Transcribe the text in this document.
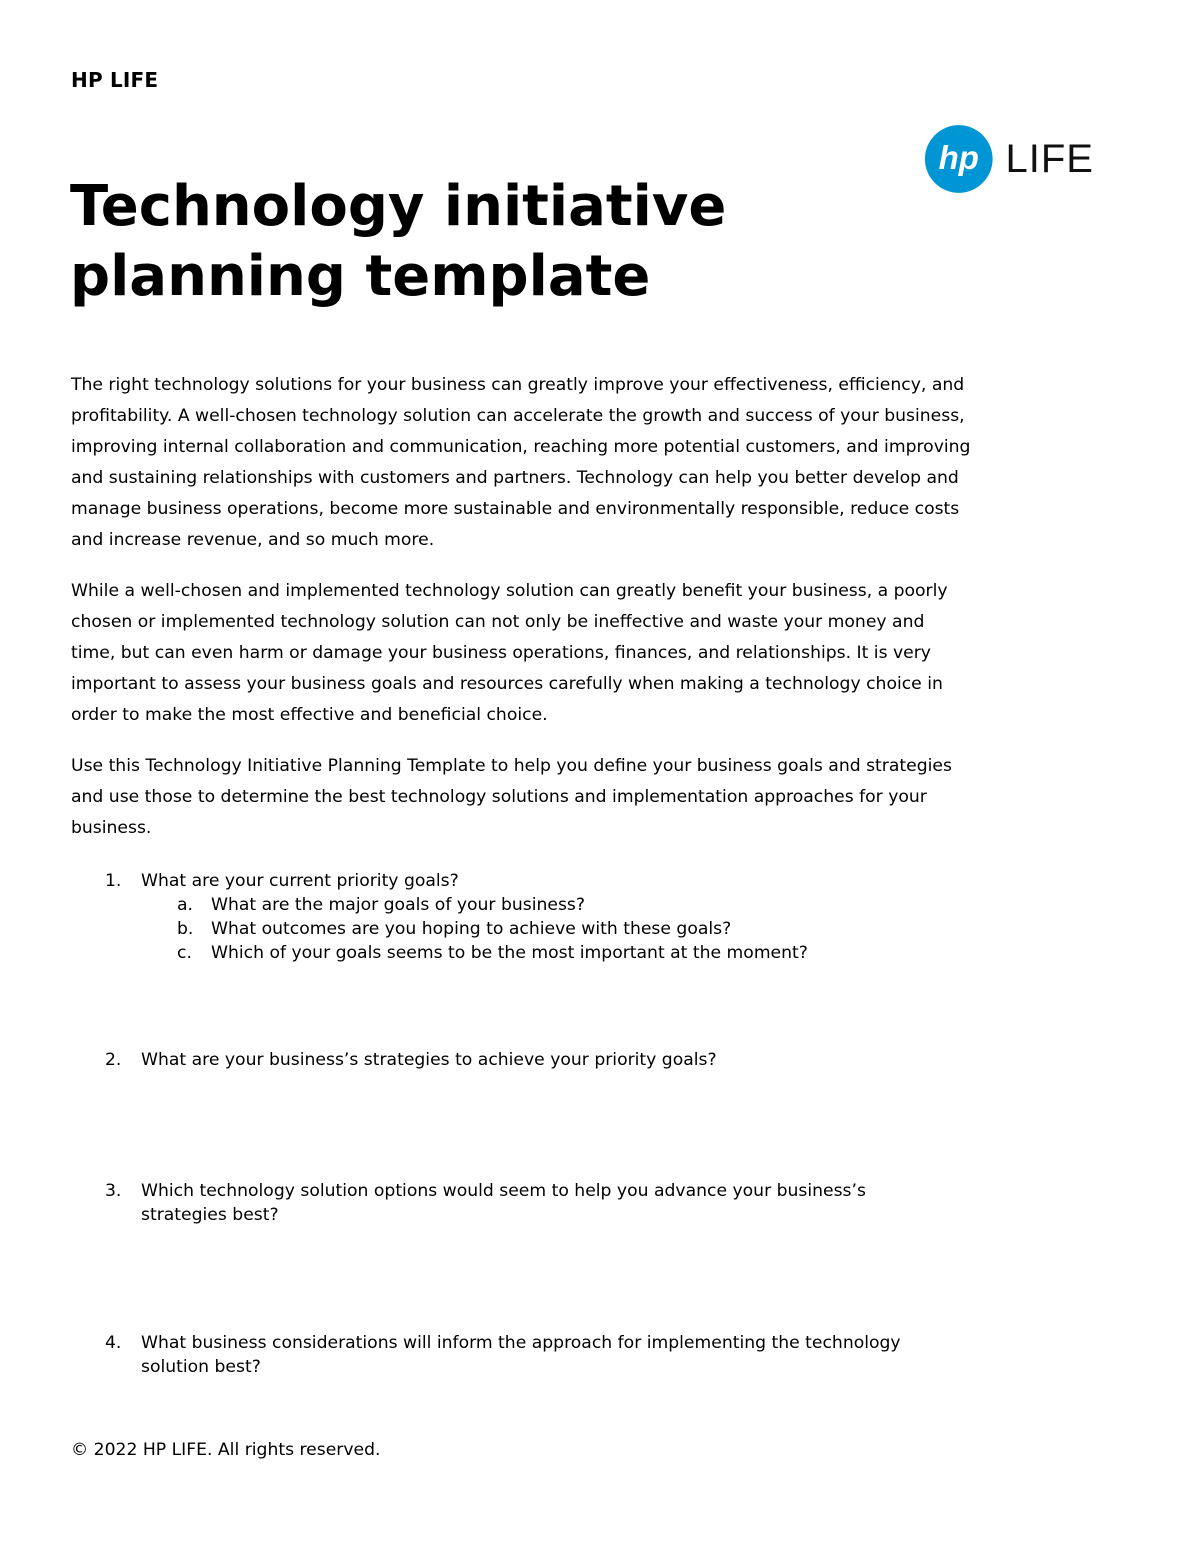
HP LIFE
hp LIFE
Technology initiative
planning template

The right technology solutions for your business can greatly improve your effectiveness, efficiency, and profitability. A well-chosen technology solution can accelerate the growth and success of your business, improving internal collaboration and communication, reaching more potential customers, and improving and sustaining relationships with customers and partners. Technology can help you better develop and manage business operations, become more sustainable and environmentally responsible, reduce costs and increase revenue, and so much more.

While a well-chosen and implemented technology solution can greatly benefit your business, a poorly chosen or implemented technology solution can not only be ineffective and waste your money and time, but can even harm or damage your business operations, finances, and relationships. It is very important to assess your business goals and resources carefully when making a technology choice in order to make the most effective and beneficial choice.

Use this Technology Initiative Planning Template to help you define your business goals and strategies and use those to determine the best technology solutions and implementation approaches for your business.

1. What are your current priority goals?
a. What are the major goals of your business?
b. What outcomes are you hoping to achieve with these goals?
c. Which of your goals seems to be the most important at the moment?
2. What are your business’s strategies to achieve your priority goals?
3. Which technology solution options would seem to help you advance your business’s strategies best?
4. What business considerations will inform the approach for implementing the technology solution best?
© 2022 HP LIFE. All rights reserved.
